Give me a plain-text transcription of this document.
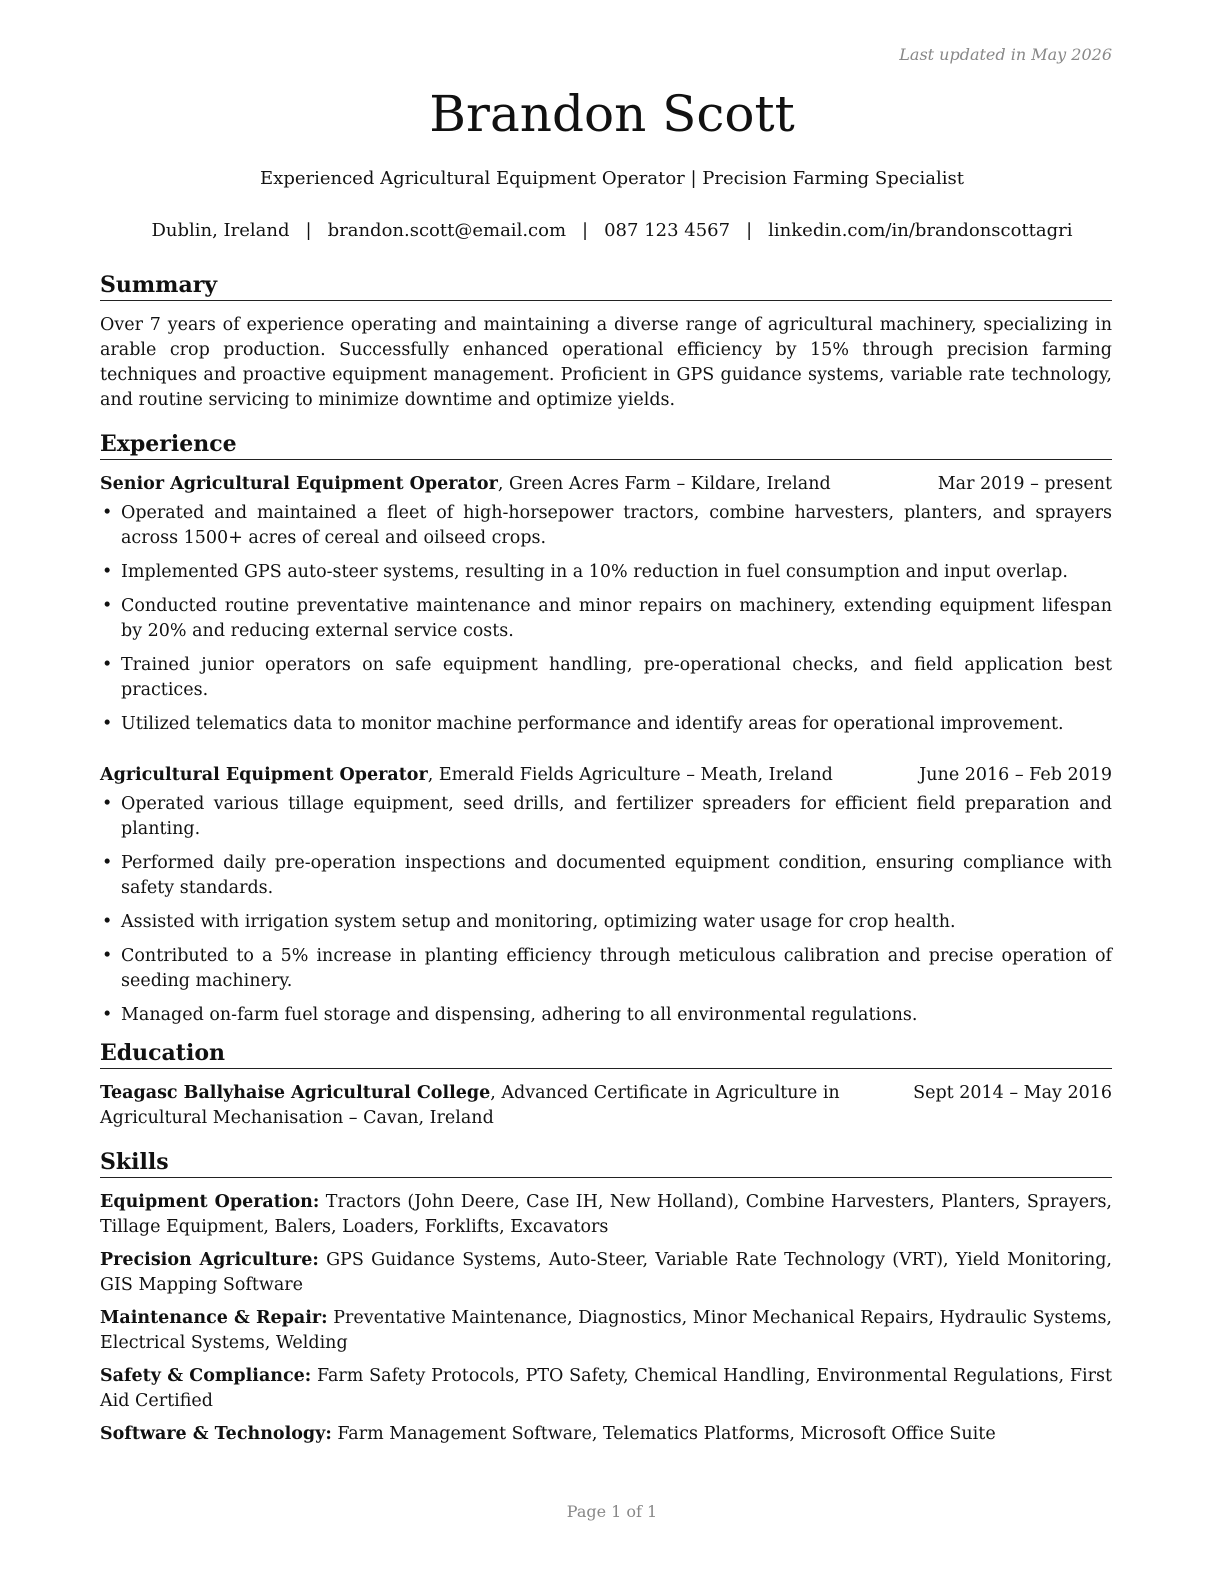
Last updated in May 2026
Brandon Scott
Experienced Agricultural Equipment Operator | Precision Farming Specialist
Dublin, Ireland | brandon.scott@email.com | 087 123 4567 | linkedin.com/in/brandonscottagri
Summary

Over 7 years of experience operating and maintaining a diverse range of agricultural machinery, specializing in arable crop production. Successfully enhanced operational efficiency by 15% through precision farming techniques and proactive equipment management. Proficient in GPS guidance systems, variable rate technology, and routine servicing to minimize downtime and optimize yields.

Experience
Senior Agricultural Equipment Operator, Green Acres Farm – Kildare, Ireland	Mar 2019 – present
• Operated and maintained a fleet of high-horsepower tractors, combine harvesters, planters, and sprayers across 1500+ acres of cereal and oilseed crops.
• Implemented GPS auto-steer systems, resulting in a 10% reduction in fuel consumption and input overlap.
• Conducted routine preventative maintenance and minor repairs on machinery, extending equipment lifespan by 20% and reducing external service costs.
• Trained junior operators on safe equipment handling, pre-operational checks, and field application best practices.
• Utilized telematics data to monitor machine performance and identify areas for operational improvement.
Agricultural Equipment Operator, Emerald Fields Agriculture – Meath, Ireland	June 2016 – Feb 2019
• Operated various tillage equipment, seed drills, and fertilizer spreaders for efficient field preparation and planting.
• Performed daily pre-operation inspections and documented equipment condition, ensuring compliance with safety standards.
• Assisted with irrigation system setup and monitoring, optimizing water usage for crop health.
• Contributed to a 5% increase in planting efficiency through meticulous calibration and precise operation of seeding machinery.
• Managed on-farm fuel storage and dispensing, adhering to all environmental regulations.
Education
Teagasc Ballyhaise Agricultural College, Advanced Certificate in Agriculture in Agricultural Mechanisation – Cavan, Ireland
Sept 2014 – May 2016
Skills
Equipment Operation: Tractors (John Deere, Case IH, New Holland), Combine Harvesters, Planters, Sprayers, Tillage Equipment, Balers, Loaders, Forklifts, Excavators
Precision Agriculture: GPS Guidance Systems, Auto-Steer, Variable Rate Technology (VRT), Yield Monitoring, GIS Mapping Software
Maintenance & Repair: Preventative Maintenance, Diagnostics, Minor Mechanical Repairs, Hydraulic Systems, Electrical Systems, Welding
Safety & Compliance: Farm Safety Protocols, PTO Safety, Chemical Handling, Environmental Regulations, First Aid Certified
Software & Technology: Farm Management Software, Telematics Platforms, Microsoft Office Suite
Page 1 of 1
